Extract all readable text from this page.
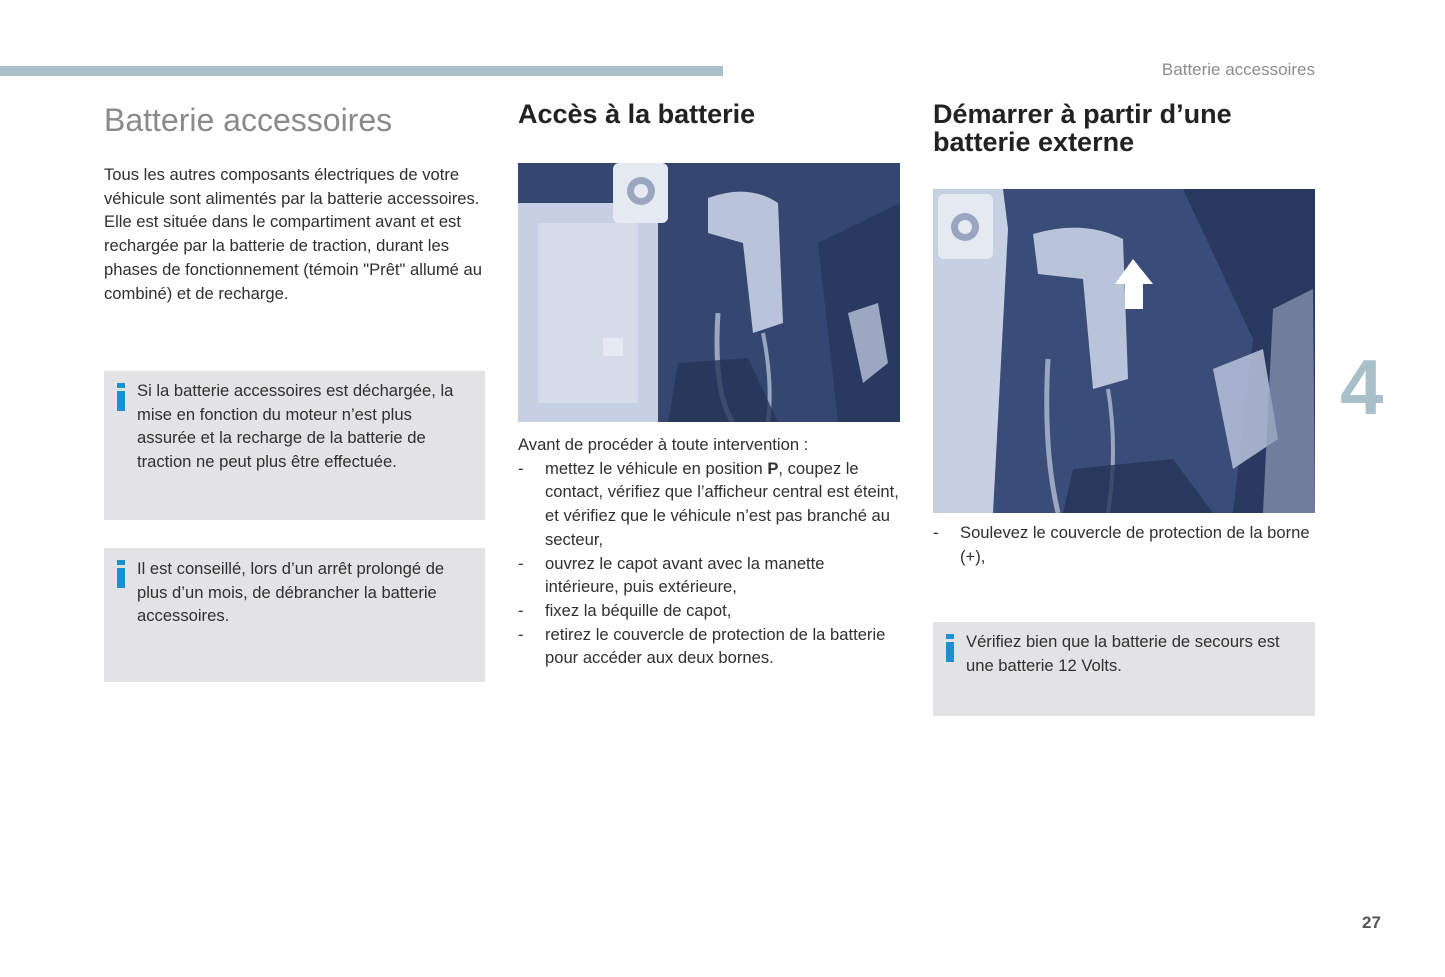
Batterie accessoires
Batterie accessoires
Tous les autres composants électriques de votre véhicule sont alimentés par la batterie accessoires.
Elle est située dans le compartiment avant et est rechargée par la batterie de traction, durant les phases de fonctionnement (témoin "Prêt" allumé au combiné) et de recharge.
Si la batterie accessoires est déchargée, la mise en fonction du moteur n’est plus assurée et la recharge de la batterie de traction ne peut plus être effectuée.
Il est conseillé, lors d’un arrêt prolongé de plus d’un mois, de débrancher la batterie accessoires.
Accès à la batterie
Avant de procéder à toute intervention :
- mettez le véhicule en position P, coupez le contact, vérifiez que l’afficheur central est éteint, et vérifiez que le véhicule n’est pas branché au secteur,
- ouvrez le capot avant avec la manette intérieure, puis extérieure,
- fixez la béquille de capot,
- retirez le couvercle de protection de la batterie pour accéder aux deux bornes.
Démarrer à partir d’une
batterie externe
- Soulevez le couvercle de protection de la borne (+),
Vérifiez bien que la batterie de secours est une batterie 12 Volts.
4
27
